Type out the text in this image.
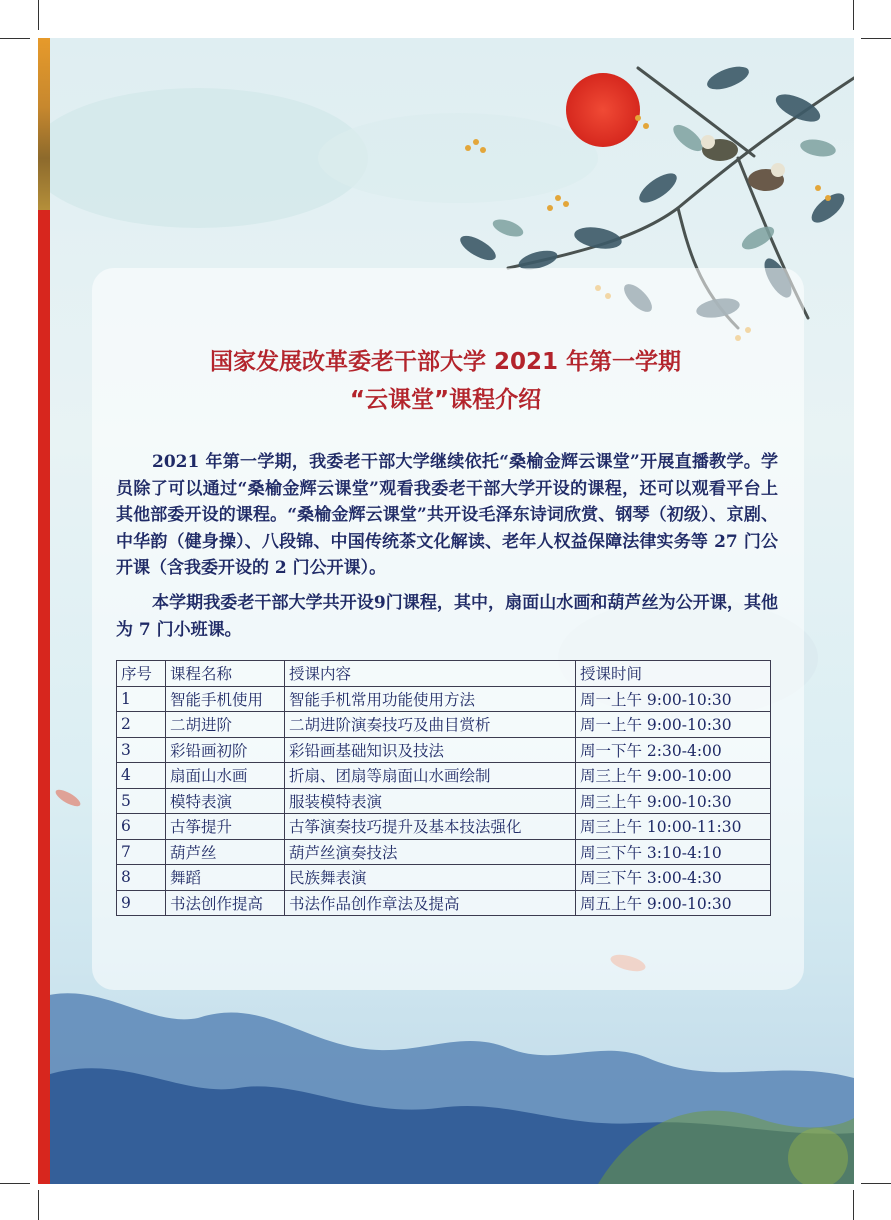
国家发展改革委老干部大学 2021 年第一学期
“云课堂”课程介绍
2021 年第一学期，我委老干部大学继续依托“桑榆金辉云课堂”开展直播教学。学员除了可以通过“桑榆金辉云课堂”观看我委老干部大学开设的课程，还可以观看平台上其他部委开设的课程。“桑榆金辉云课堂”共开设毛泽东诗词欣赏、钢琴（初级）、京剧、中华韵（健身操）、八段锦、中国传统茶文化解读、老年人权益保障法律实务等 27 门公开课（含我委开设的 2 门公开课）。
本学期我委老干部大学共开设9门课程，其中，扇面山水画和葫芦丝为公开课，其他为 7 门小班课。
序号	课程名称	授课内容	授课时间
1	智能手机使用	智能手机常用功能使用方法	周一上午 9:00-10:30
2	二胡进阶	二胡进阶演奏技巧及曲目赏析	周一上午 9:00-10:30
3	彩铅画初阶	彩铅画基础知识及技法	周一下午 2:30-4:00
4	扇面山水画	折扇、团扇等扇面山水画绘制	周三上午 9:00-10:00
5	模特表演	服装模特表演	周三上午 9:00-10:30
6	古筝提升	古筝演奏技巧提升及基本技法强化	周三上午 10:00-11:30
7	葫芦丝	葫芦丝演奏技法	周三下午 3:10-4:10
8	舞蹈	民族舞表演	周三下午 3:00-4:30
9	书法创作提高	书法作品创作章法及提高	周五上午 9:00-10:30
